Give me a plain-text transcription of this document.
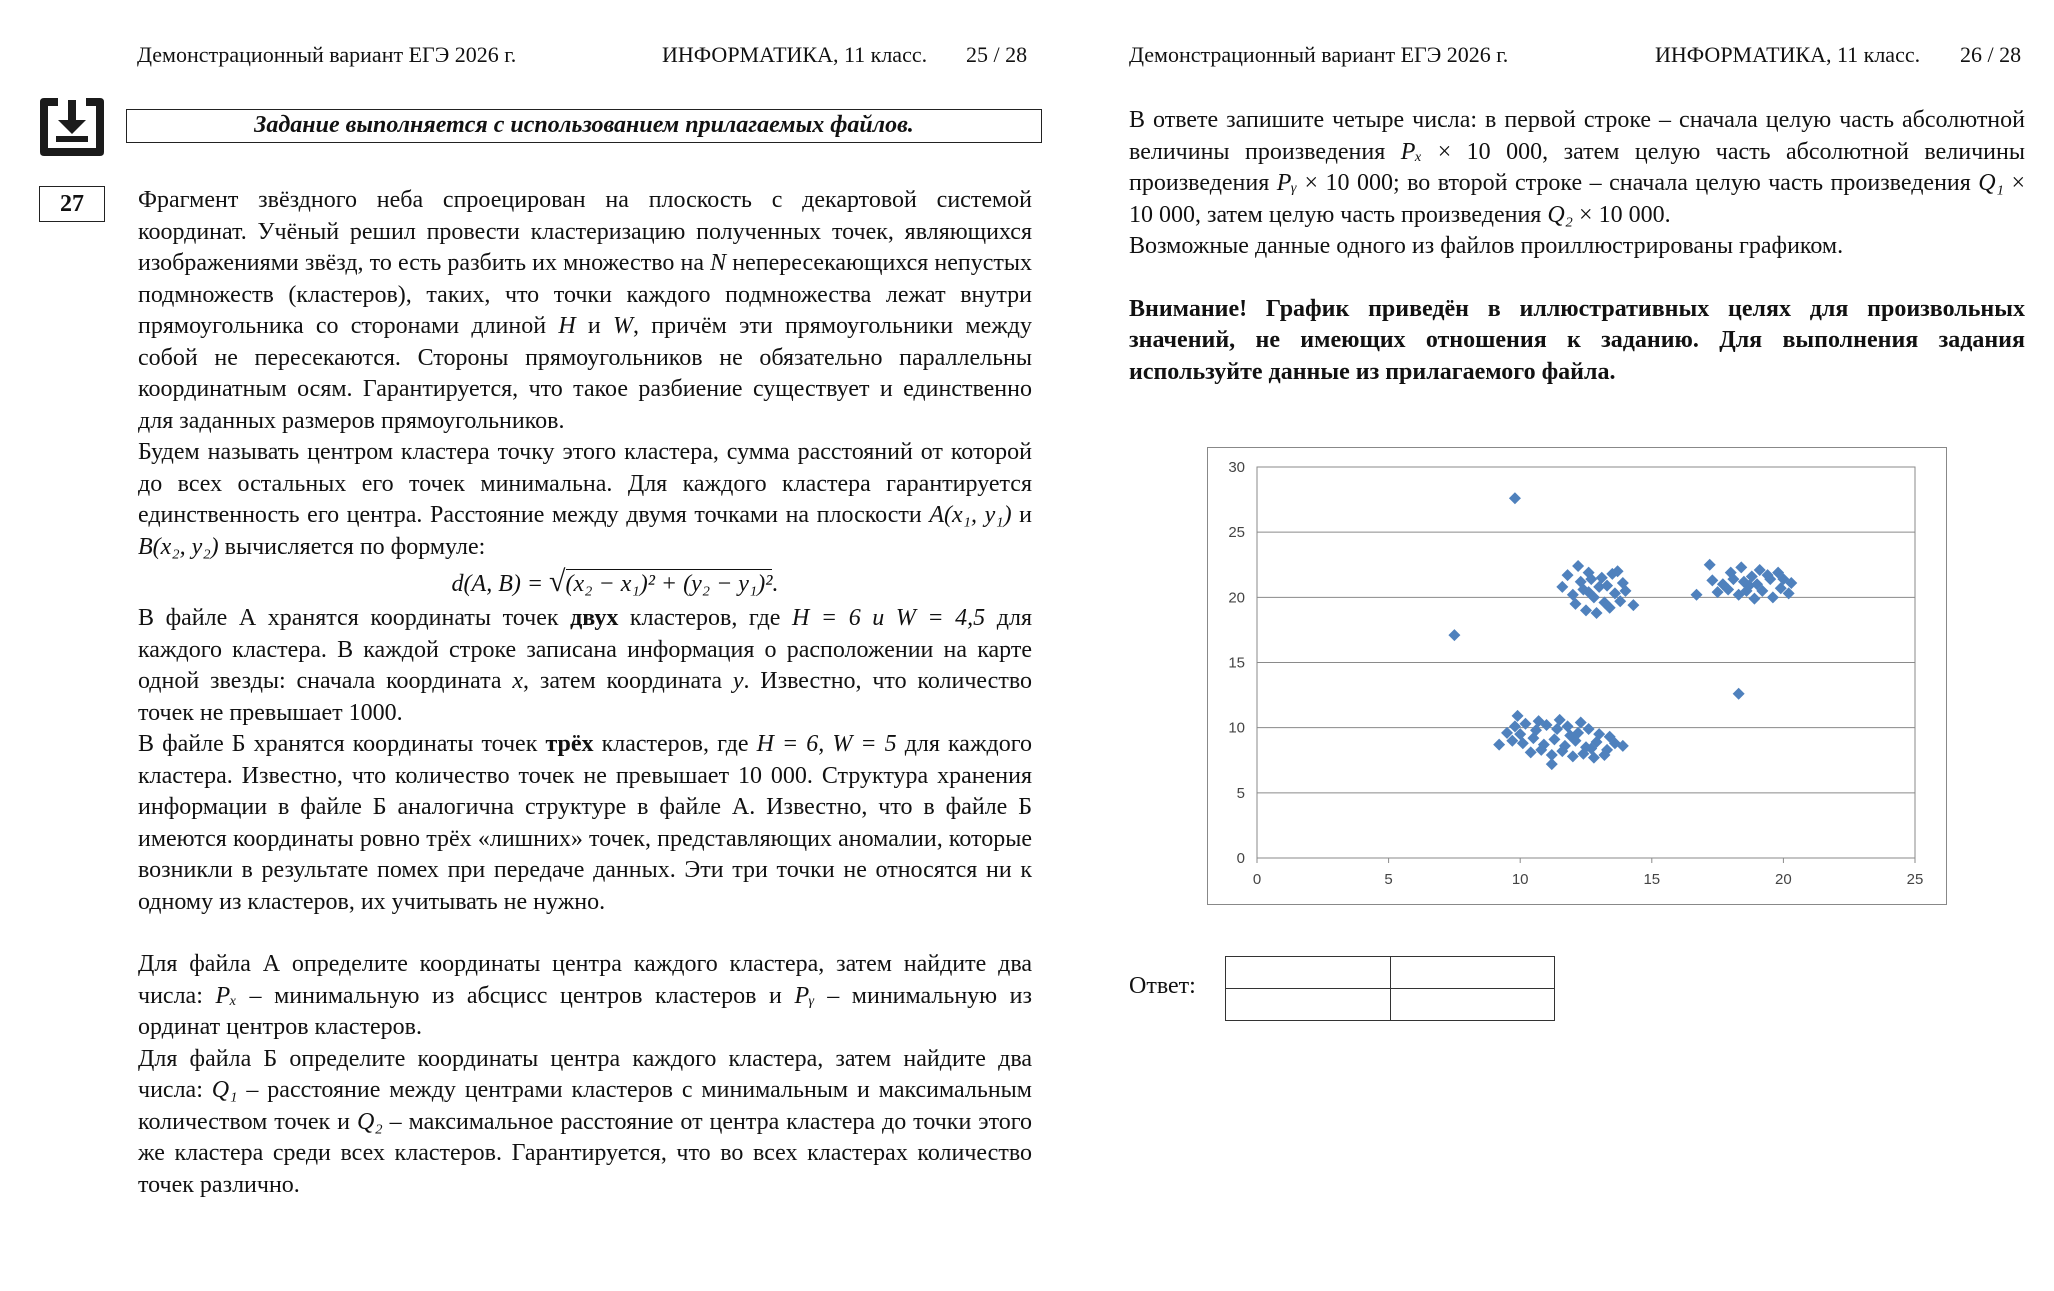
Демонстрационный вариант ЕГЭ 2026 г.	ИНФОРМАТИКА, 11 класс. 25 / 28
Задание выполняется с использованием прилагаемых файлов.
27	Фрагмент звёздного неба спроецирован на плоскость с декартовой системой координат. Учёный решил провести кластеризацию полученных точек, являющихся изображениями звёзд, то есть разбить их множество на N непересекающихся непустых подмножеств (кластеров), таких, что точки каждого подмножества лежат внутри прямоугольника со сторонами длиной H и W, причём эти прямоугольники между собой не пересекаются. Стороны прямоугольников не обязательно параллельны координатным осям. Гарантируется, что такое разбиение существует и единственно для заданных размеров прямоугольников.

Будем называть центром кластера точку этого кластера, сумма расстояний от которой до всех остальных его точек минимальна. Для каждого кластера гарантируется единственность его центра. Расстояние между двумя точками на плоскости A(x₁, y₁) и B(x₂, y₂) вычисляется по формуле:

d(A, B) = √(x₂ − x₁)² + (y₂ − y₁)².

В файле А хранятся координаты точек двух кластеров, где H = 6 и W = 4,5 для каждого кластера. В каждой строке записана информация о расположении на карте одной звезды: сначала координата x, затем координата y. Известно, что количество точек не превышает 1000.

В файле Б хранятся координаты точек трёх кластеров, где H = 6, W = 5 для каждого кластера. Известно, что количество точек не превышает 10 000. Структура хранения информации в файле Б аналогична структуре в файле А. Известно, что в файле Б имеются координаты ровно трёх «лишних» точек, представляющих аномалии, которые возникли в результате помех при передаче данных. Эти три точки не относятся ни к одному из кластеров, их учитывать не нужно.

Для файла А определите координаты центра каждого кластера, затем найдите два числа: Pₓ – минимальную из абсцисс центров кластеров и Pᵧ – минимальную из ординат центров кластеров.

Для файла Б определите координаты центра каждого кластера, затем найдите два числа: Q₁ – расстояние между центрами кластеров с минимальным и максимальным количеством точек и Q₂ – максимальное расстояние от центра кластера до точки этого же кластера среди всех кластеров. Гарантируется, что во всех кластерах количество точек различно.

Демонстрационный вариант ЕГЭ 2026 г.	ИНФОРМАТИКА, 11 класс. 26 / 28

В ответе запишите четыре числа: в первой строке – сначала целую часть абсолютной величины произведения Pₓ × 10 000, затем целую часть абсолютной величины произведения Pᵧ × 10 000; во второй строке – сначала целую часть произведения Q₁ × 10 000, затем целую часть произведения Q₂ × 10 000.

Возможные данные одного из файлов проиллюстрированы графиком.

Внимание! График приведён в иллюстративных целях для произвольных значений, не имеющих отношения к заданию. Для выполнения задания используйте данные из прилагаемого файла.

0
5
10
15
20
25
30
0	5	10	15	20	25
Ответ:
